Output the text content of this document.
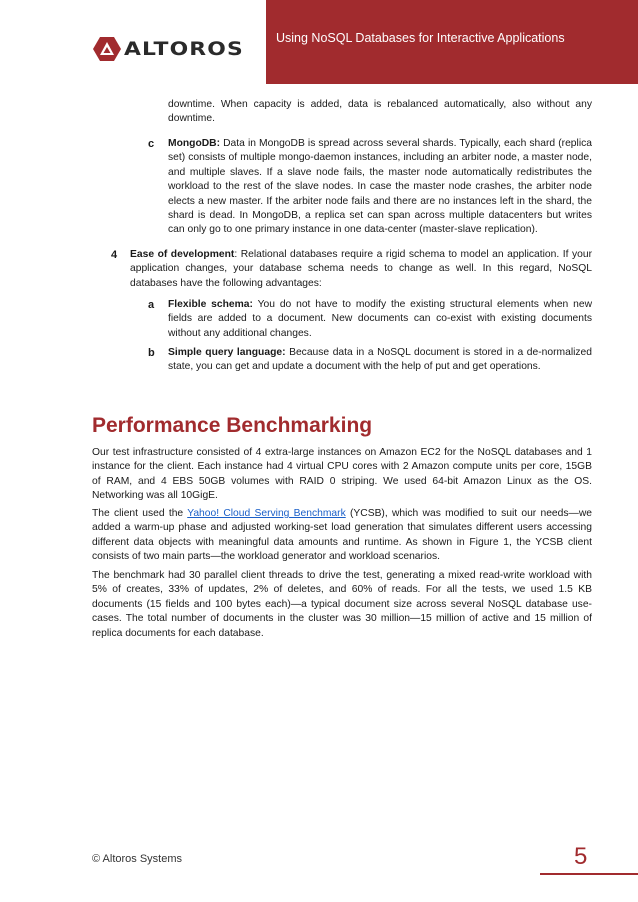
ALTOROS	Using NoSQL Databases for Interactive Applications
downtime. When capacity is added, data is rebalanced automatically, also without any downtime.
c MongoDB: Data in MongoDB is spread across several shards. Typically, each shard (replica set) consists of multiple mongo-daemon instances, including an arbiter node, a master node, and multiple slaves. If a slave node fails, the master node automatically redistributes the workload to the rest of the slave nodes. In case the master node crashes, the arbiter node elects a new master. If the arbiter node fails and there are no instances left in the shard, the shard is dead. In MongoDB, a replica set can span across multiple datacenters but writes can only go to one primary instance in one data-center (master-slave replication).
4 Ease of development: Relational databases require a rigid schema to model an application. If your application changes, your database schema needs to change as well. In this regard, NoSQL databases have the following advantages:
a Flexible schema: You do not have to modify the existing structural elements when new fields are added to a document. New documents can co-exist with existing documents without any additional changes.
b Simple query language: Because data in a NoSQL document is stored in a de-normalized state, you can get and update a document with the help of put and get operations.
Performance Benchmarking
Our test infrastructure consisted of 4 extra-large instances on Amazon EC2 for the NoSQL databases and 1 instance for the client. Each instance had 4 virtual CPU cores with 2 Amazon compute units per core, 15GB of RAM, and 4 EBS 50GB volumes with RAID 0 striping. We used 64-bit Amazon Linux as the OS. Networking was all 10GigE.
The client used the Yahoo! Cloud Serving Benchmark (YCSB), which was modified to suit our needs—we added a warm-up phase and adjusted working-set load generation that simulates different users accessing different data objects with meaningful data amounts and runtime. As shown in Figure 1, the YCSB client consists of two main parts—the workload generator and workload scenarios.
The benchmark had 30 parallel client threads to drive the test, generating a mixed read-write workload with 5% of creates, 33% of updates, 2% of deletes, and 60% of reads. For all the tests, we used 1.5 KB documents (15 fields and 100 bytes each)—a typical document size across several NoSQL database use-cases. The total number of documents in the cluster was 30 million—15 million of active and 15 million of replica documents for each database.
© Altoros Systems	5
